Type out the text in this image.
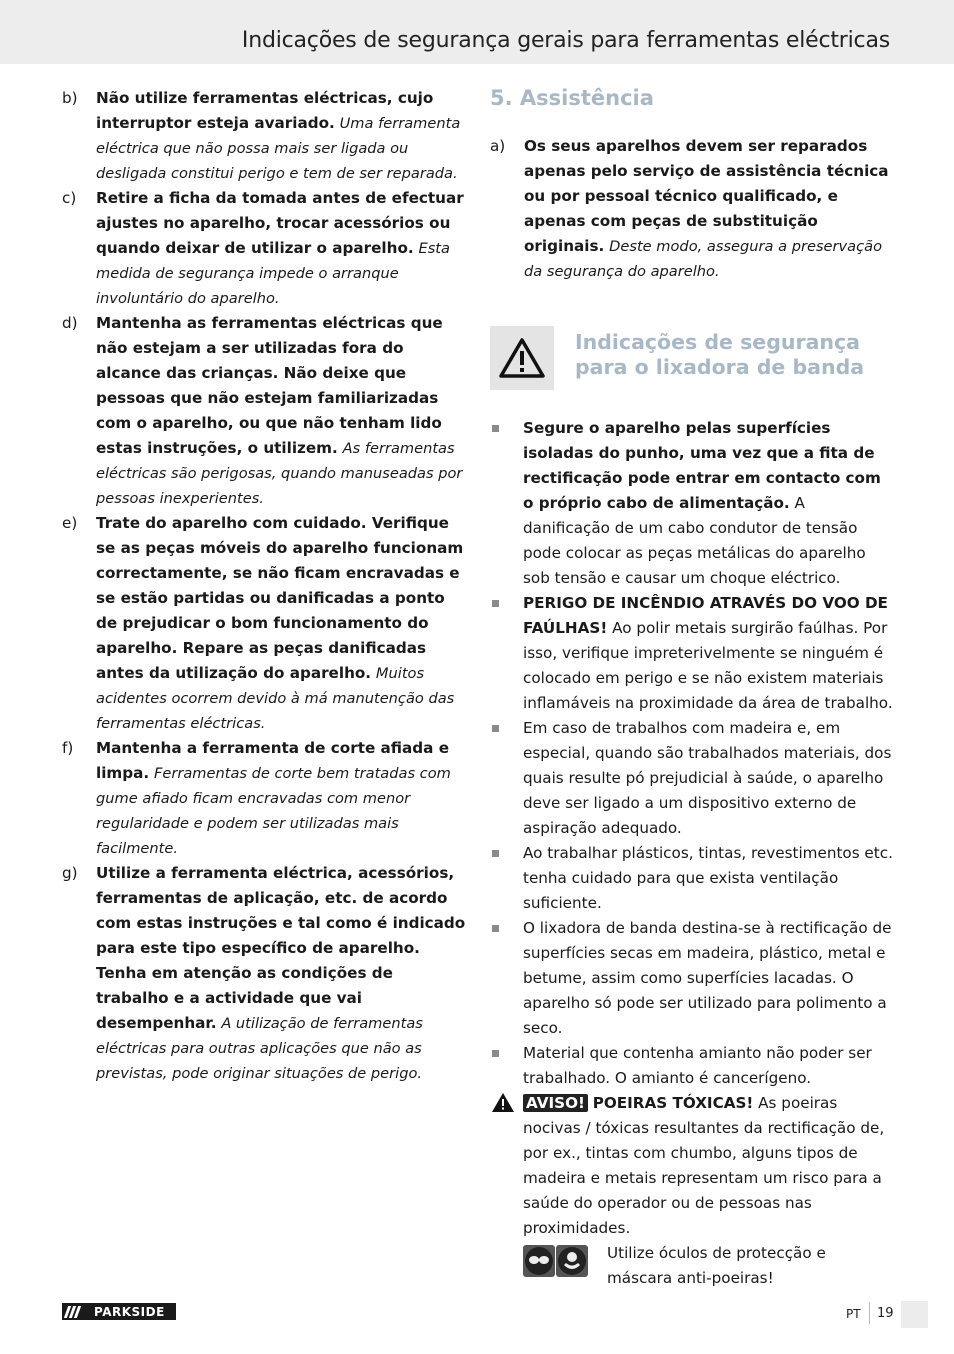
Indicações de segurança gerais para ferramentas eléctricas
b) Não utilize ferramentas eléctricas, cujo interruptor esteja avariado. Uma ferramenta eléctrica que não possa mais ser ligada ou desligada constitui perigo e tem de ser reparada.
c) Retire a ficha da tomada antes de efectuar ajustes no aparelho, trocar acessórios ou quando deixar de utilizar o aparelho. Esta medida de segurança impede o arranque involuntário do aparelho.
d) Mantenha as ferramentas eléctricas que não estejam a ser utilizadas fora do alcance das crianças. Não deixe que pessoas que não estejam familiarizadas com o aparelho, ou que não tenham lido estas instruções, o utilizem. As ferramentas eléctricas são perigosas, quando manuseadas por pessoas inexperientes.
e) Trate do aparelho com cuidado. Verifique se as peças móveis do aparelho funcionam correctamente, se não ficam encravadas e se estão partidas ou danificadas a ponto de prejudicar o bom funcionamento do aparelho. Repare as peças danificadas antes da utilização do aparelho. Muitos acidentes ocorrem devido à má manutenção das ferramentas eléctricas.
f) Mantenha a ferramenta de corte afiada e limpa. Ferramentas de corte bem tratadas com gume afiado ficam encravadas com menor regularidade e podem ser utilizadas mais facilmente.
g) Utilize a ferramenta eléctrica, acessórios, ferramentas de aplicação, etc. de acordo com estas instruções e tal como é indicado para este tipo específico de aparelho. Tenha em atenção as condições de trabalho e a actividade que vai desempenhar. A utilização de ferramentas eléctricas para outras aplicações que não as previstas, pode originar situações de perigo.
5. Assistência
a) Os seus aparelhos devem ser reparados apenas pelo serviço de assistência técnica ou por pessoal técnico qualificado, e apenas com peças de substituição originais. Deste modo, assegura a preservação da segurança do aparelho.
Indicações de segurança
para o lixadora de banda
Segure o aparelho pelas superfícies isoladas do punho, uma vez que a fita de rectificação pode entrar em contacto com o próprio cabo de alimentação. A danificação de um cabo condutor de tensão pode colocar as peças metálicas do aparelho sob tensão e causar um choque eléctrico.
PERIGO DE INCÊNDIO ATRAVÉS DO VOO DE FAÚLHAS! Ao polir metais surgirão faúlhas. Por isso, verifique impreterivelmente se ninguém é colocado em perigo e se não existem materiais inflamáveis na proximidade da área de trabalho.
Em caso de trabalhos com madeira e, em especial, quando são trabalhados materiais, dos quais resulte pó prejudicial à saúde, o aparelho deve ser ligado a um dispositivo externo de aspiração adequado.
Ao trabalhar plásticos, tintas, revestimentos etc. tenha cuidado para que exista ventilação suficiente.
O lixadora de banda destina-se à rectificação de superfícies secas em madeira, plástico, metal e betume, assim como superfícies lacadas. O aparelho só pode ser utilizado para polimento a seco.
Material que contenha amianto não poder ser trabalhado. O amianto é cancerígeno.
AVISO! POEIRAS TÓXICAS! As poeiras nocivas / tóxicas resultantes da rectificação de, por ex., tintas com chumbo, alguns tipos de madeira e metais representam um risco para a saúde do operador ou de pessoas nas proximidades.
Utilize óculos de protecção e máscara anti-poeiras!
PARKSIDE	PT 19
